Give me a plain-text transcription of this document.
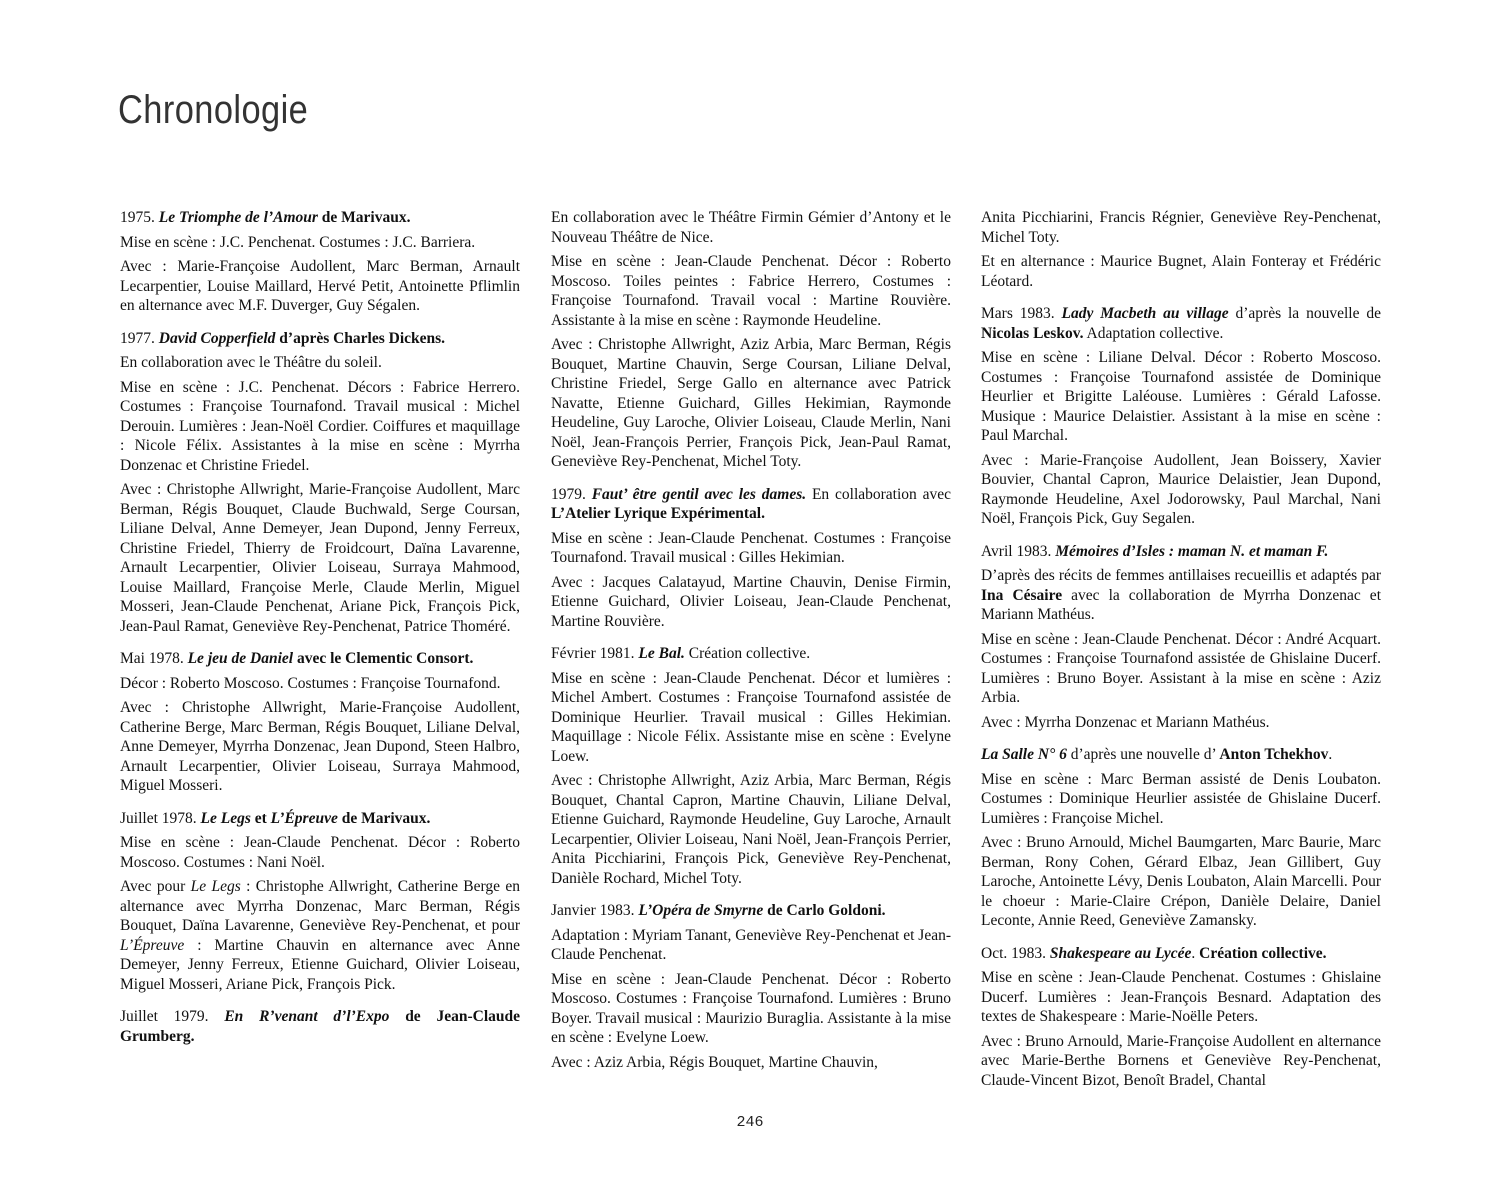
Chronologie

1975. Le Triomphe de l’Amour de Marivaux.

Mise en scène : J.C. Penchenat. Costumes : J.C. Barriera.

Avec : Marie-Françoise Audollent, Marc Berman, Arnault Lecarpentier, Louise Maillard, Hervé Petit, Antoinette Pflimlin en alternance avec M.F. Duverger, Guy Ségalen.

1977. David Copperfield d’après Charles Dickens.

En collaboration avec le Théâtre du soleil.

Mise en scène : J.C. Penchenat. Décors : Fabrice Herrero. Costumes : Françoise Tournafond. Travail musical : Michel Derouin. Lumières : Jean-Noël Cordier. Coiffures et maquillage : Nicole Félix. Assistantes à la mise en scène : Myrrha Donzenac et Christine Friedel.

Avec : Christophe Allwright, Marie-Françoise Audollent, Marc Berman, Régis Bouquet, Claude Buchwald, Serge Coursan, Liliane Delval, Anne Demeyer, Jean Dupond, Jenny Ferreux, Christine Friedel, Thierry de Froidcourt, Daïna Lavarenne, Arnault Lecarpentier, Olivier Loiseau, Surraya Mahmood, Louise Maillard, Françoise Merle, Claude Merlin, Miguel Mosseri, Jean-Claude Penchenat, Ariane Pick, François Pick, Jean-Paul Ramat, Geneviève Rey-Penchenat, Patrice Thoméré.

Mai 1978. Le jeu de Daniel avec le Clementic Consort.

Décor : Roberto Moscoso. Costumes : Françoise Tournafond.

Avec : Christophe Allwright, Marie-Françoise Audollent, Catherine Berge, Marc Berman, Régis Bouquet, Liliane Delval, Anne Demeyer, Myrrha Donzenac, Jean Dupond, Steen Halbro, Arnault Lecarpentier, Olivier Loiseau, Surraya Mahmood, Miguel Mosseri.

Juillet 1978. Le Legs et L’Épreuve de Marivaux.

Mise en scène : Jean-Claude Penchenat. Décor : Roberto Moscoso. Costumes : Nani Noël.

Avec pour Le Legs : Christophe Allwright, Catherine Berge en alternance avec Myrrha Donzenac, Marc Berman, Régis Bouquet, Daïna Lavarenne, Geneviève Rey-Penchenat, et pour L’Épreuve : Martine Chauvin en alternance avec Anne Demeyer, Jenny Ferreux, Etienne Guichard, Olivier Loiseau, Miguel Mosseri, Ariane Pick, François Pick.

Juillet 1979. En R’venant d’l’Expo de Jean-Claude Grumberg.

En collaboration avec le Théâtre Firmin Gémier d’Antony et le Nouveau Théâtre de Nice.

Mise en scène : Jean-Claude Penchenat. Décor : Roberto Moscoso. Toiles peintes : Fabrice Herrero, Costumes : Françoise Tournafond. Travail vocal : Martine Rouvière. Assistante à la mise en scène : Raymonde Heudeline.

Avec : Christophe Allwright, Aziz Arbia, Marc Berman, Régis Bouquet, Martine Chauvin, Serge Coursan, Liliane Delval, Christine Friedel, Serge Gallo en alternance avec Patrick Navatte, Etienne Guichard, Gilles Hekimian, Raymonde Heudeline, Guy Laroche, Olivier Loiseau, Claude Merlin, Nani Noël, Jean-François Perrier, François Pick, Jean-Paul Ramat, Geneviève Rey-Penchenat, Michel Toty.

1979. Faut’ être gentil avec les dames. En collaboration avec L’Atelier Lyrique Expérimental.

Mise en scène : Jean-Claude Penchenat. Costumes : Françoise Tournafond. Travail musical : Gilles Hekimian.

Avec : Jacques Calatayud, Martine Chauvin, Denise Firmin, Etienne Guichard, Olivier Loiseau, Jean-Claude Penchenat, Martine Rouvière.

Février 1981. Le Bal. Création collective.

Mise en scène : Jean-Claude Penchenat. Décor et lumières : Michel Ambert. Costumes : Françoise Tournafond assistée de Dominique Heurlier. Travail musical : Gilles Hekimian. Maquillage : Nicole Félix. Assistante mise en scène : Evelyne Loew.

Avec : Christophe Allwright, Aziz Arbia, Marc Berman, Régis Bouquet, Chantal Capron, Martine Chauvin, Liliane Delval, Etienne Guichard, Raymonde Heudeline, Guy Laroche, Arnault Lecarpentier, Olivier Loiseau, Nani Noël, Jean-François Perrier, Anita Picchiarini, François Pick, Geneviève Rey-Penchenat, Danièle Rochard, Michel Toty.

Janvier 1983. L’Opéra de Smyrne de Carlo Goldoni.

Adaptation : Myriam Tanant, Geneviève Rey-Penchenat et Jean-Claude Penchenat.

Mise en scène : Jean-Claude Penchenat. Décor : Roberto Moscoso. Costumes : Françoise Tournafond. Lumières : Bruno Boyer. Travail musical : Maurizio Buraglia. Assistante à la mise en scène : Evelyne Loew.

Avec : Aziz Arbia, Régis Bouquet, Martine Chauvin,

Anita Picchiarini, Francis Régnier, Geneviève Rey-Penchenat, Michel Toty.

Et en alternance : Maurice Bugnet, Alain Fonteray et Frédéric Léotard.

Mars 1983. Lady Macbeth au village d’après la nouvelle de Nicolas Leskov. Adaptation collective.

Mise en scène : Liliane Delval. Décor : Roberto Moscoso. Costumes : Françoise Tournafond assistée de Dominique Heurlier et Brigitte Laléouse. Lumières : Gérald Lafosse. Musique : Maurice Delaistier. Assistant à la mise en scène : Paul Marchal.

Avec : Marie-Françoise Audollent, Jean Boissery, Xavier Bouvier, Chantal Capron, Maurice Delaistier, Jean Dupond, Raymonde Heudeline, Axel Jodorowsky, Paul Marchal, Nani Noël, François Pick, Guy Segalen.

Avril 1983. Mémoires d’Isles : maman N. et maman F.

D’après des récits de femmes antillaises recueillis et adaptés par Ina Césaire avec la collaboration de Myrrha Donzenac et Mariann Mathéus.

Mise en scène : Jean-Claude Penchenat. Décor : André Acquart. Costumes : Françoise Tournafond assistée de Ghislaine Ducerf. Lumières : Bruno Boyer. Assistant à la mise en scène : Aziz Arbia.

Avec : Myrrha Donzenac et Mariann Mathéus.

La Salle N° 6 d’après une nouvelle d’ Anton Tchekhov.

Mise en scène : Marc Berman assisté de Denis Loubaton. Costumes : Dominique Heurlier assistée de Ghislaine Ducerf. Lumières : Françoise Michel.

Avec : Bruno Arnould, Michel Baumgarten, Marc Baurie, Marc Berman, Rony Cohen, Gérard Elbaz, Jean Gillibert, Guy Laroche, Antoinette Lévy, Denis Loubaton, Alain Marcelli. Pour le choeur : Marie-Claire Crépon, Danièle Delaire, Daniel Leconte, Annie Reed, Geneviève Zamansky.

Oct. 1983. Shakespeare au Lycée. Création collective.

Mise en scène : Jean-Claude Penchenat. Costumes : Ghislaine Ducerf. Lumières : Jean-François Besnard. Adaptation des textes de Shakespeare : Marie-Noëlle Peters.

Avec : Bruno Arnould, Marie-Françoise Audollent en alternance avec Marie-Berthe Bornens et Geneviève Rey-Penchenat, Claude-Vincent Bizot, Benoît Bradel, Chantal

246
